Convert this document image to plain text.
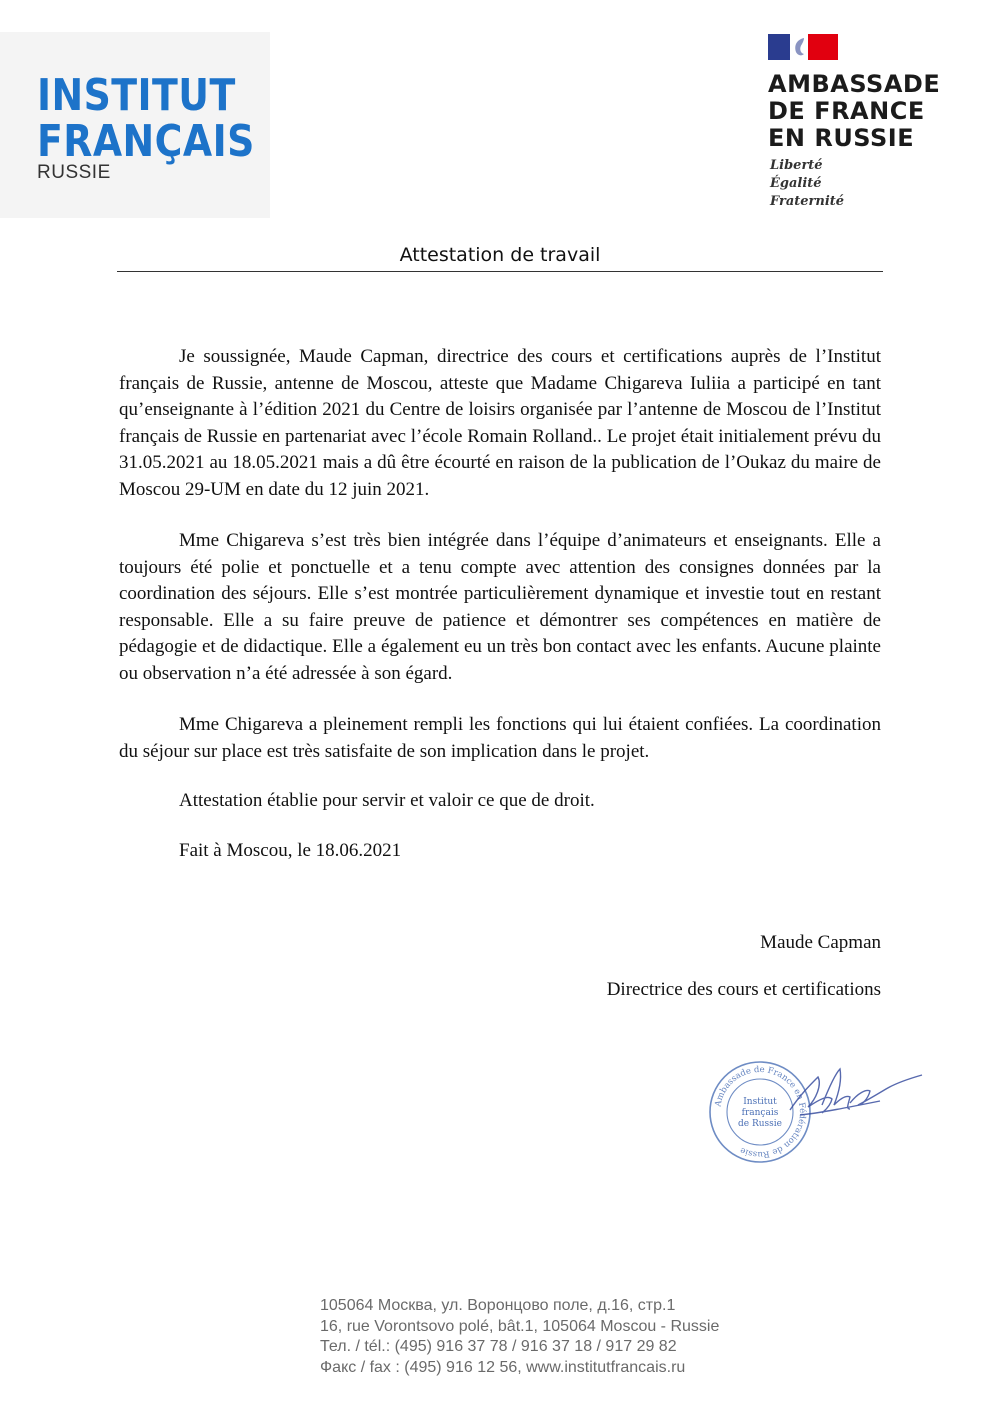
INSTITUT
FRANÇAIS
RUSSIE
AMBASSADE
DE FRANCE
EN RUSSIE
Liberté
Égalité
Fraternité
Attestation de travail

Je soussignée, Maude Capman, directrice des cours et certifications auprès de l’Institut français de Russie, antenne de Moscou, atteste que Madame Chigareva Iuliia a participé en tant qu’enseignante à l’édition 2021 du Centre de loisirs organisée par l’antenne de Moscou de l’Institut français de Russie en partenariat avec l’école Romain Rolland.. Le projet était initialement prévu du 31.05.2021 au 18.05.2021 mais a dû être écourté en raison de la publication de l’Oukaz du maire de Moscou 29-UM en date du 12 juin 2021.

Mme Chigareva s’est très bien intégrée dans l’équipe d’animateurs et enseignants. Elle a toujours été polie et ponctuelle et a tenu compte avec attention des consignes données par la coordination des séjours. Elle s’est montrée particulièrement dynamique et investie tout en restant responsable. Elle a su faire preuve de patience et démontrer ses compétences en matière de pédagogie et de didactique. Elle a également eu un très bon contact avec les enfants. Aucune plainte ou observation n’a été adressée à son égard.

Mme Chigareva a pleinement rempli les fonctions qui lui étaient confiées. La coordination du séjour sur place est très satisfaite de son implication dans le projet.

Attestation établie pour servir et valoir ce que de droit.

Fait à Moscou, le 18.06.2021

Maude Capman
Directrice des cours et certifications
Ambassade de France en Fédération de Russie
Institut
français
de Russie
105064 Москва, ул. Воронцово поле, д.16, стр.1
16, rue Vorontsovo polé, bât.1, 105064 Moscou - Russie
Тел. / tél.: (495) 916 37 78 / 916 37 18 / 917 29 82
Факс / fax : (495) 916 12 56, www.institutfrancais.ru
